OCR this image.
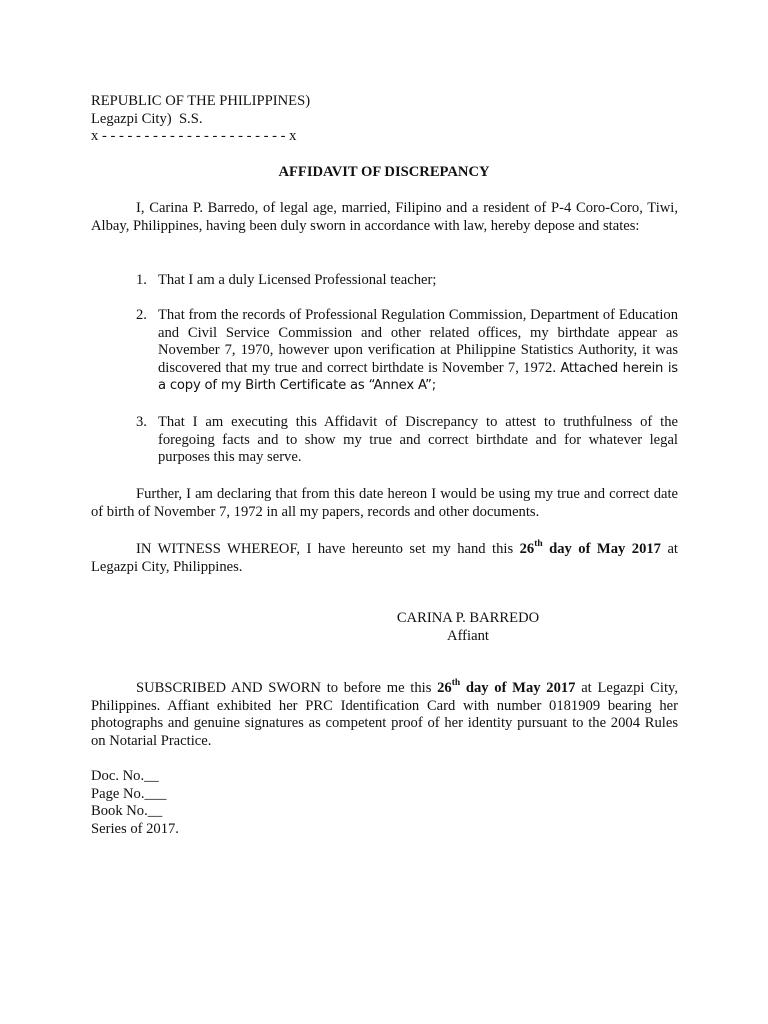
REPUBLIC OF THE PHILIPPINES)
Legazpi City)  S.S.
x - - - - - - - - - - - - - - - - - - - - - - x
AFFIDAVIT OF DISCREPANCY
I, Carina P. Barredo, of legal age, married, Filipino and a resident of P-4 Coro-Coro, Tiwi, Albay, Philippines, having been duly sworn in accordance with law, hereby depose and states:
1. That I am a duly Licensed Professional teacher;
2. That from the records of Professional Regulation Commission, Department of Education and Civil Service Commission and other related offices, my birthdate appear as November 7, 1970, however upon verification at Philippine Statistics Authority, it was discovered that my true and correct birthdate is November 7, 1972. Attached herein is a copy of my Birth Certificate as “Annex A”;
3. That I am executing this Affidavit of Discrepancy to attest to truthfulness of the foregoing facts and to show my true and correct birthdate and for whatever legal purposes this may serve.
Further, I am declaring that from this date hereon I would be using my true and correct date of birth of November 7, 1972 in all my papers, records and other documents.
IN WITNESS WHEREOF, I have hereunto set my hand this 26th day of May 2017 at Legazpi City, Philippines.
CARINA P. BARREDO
Affiant
SUBSCRIBED AND SWORN to before me this 26th day of May 2017 at Legazpi City, Philippines. Affiant exhibited her PRC Identification Card with number 0181909 bearing her photographs and genuine signatures as competent proof of her identity pursuant to the 2004 Rules on Notarial Practice.
Doc. No.__
Page No.___
Book No.__
Series of 2017.
